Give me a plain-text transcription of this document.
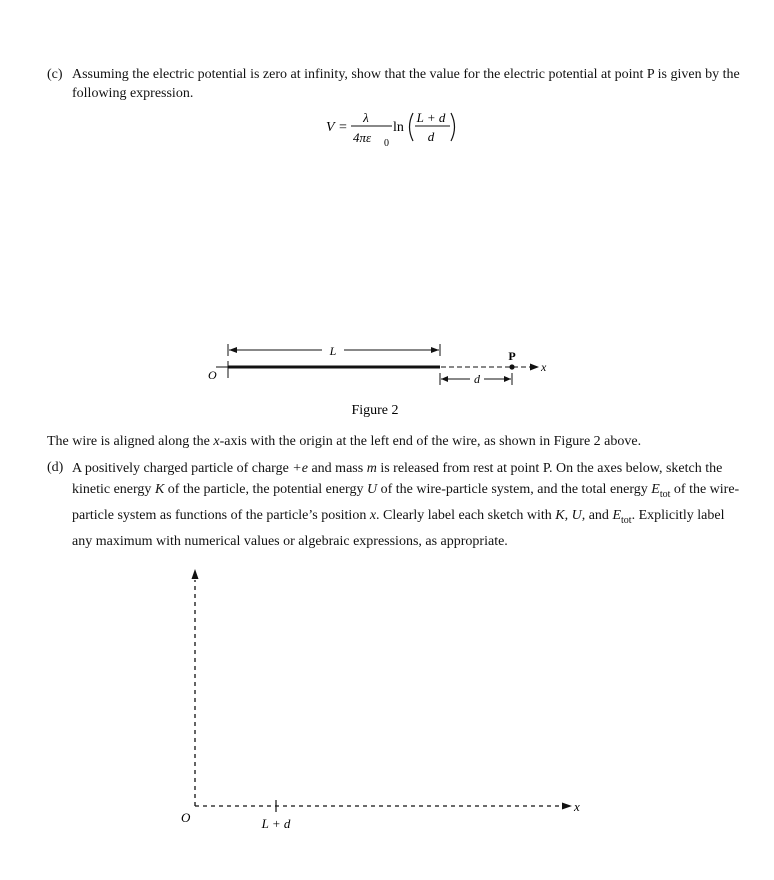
(c) Assuming the electric potential is zero at infinity, show that the value for the electric potential at point P is given by the following expression.
V =
λ
4πε 0
ln
L + d
d
L
O
x
P
d
Figure 2
The wire is aligned along the x-axis with the origin at the left end of the wire, as shown in Figure 2 above.
(d) A positively charged particle of charge +e and mass m is released from rest at point P. On the axes below, sketch the kinetic energy K of the particle, the potential energy U of the wire-particle system, and the total energy $E_{tot}$ of the wire-particle system as functions of the particle’s position x. Clearly label each sketch with K, U, and $E_{tot}$. Explicitly label any maximum with numerical values or algebraic expressions, as appropriate.
O
x
L + d
